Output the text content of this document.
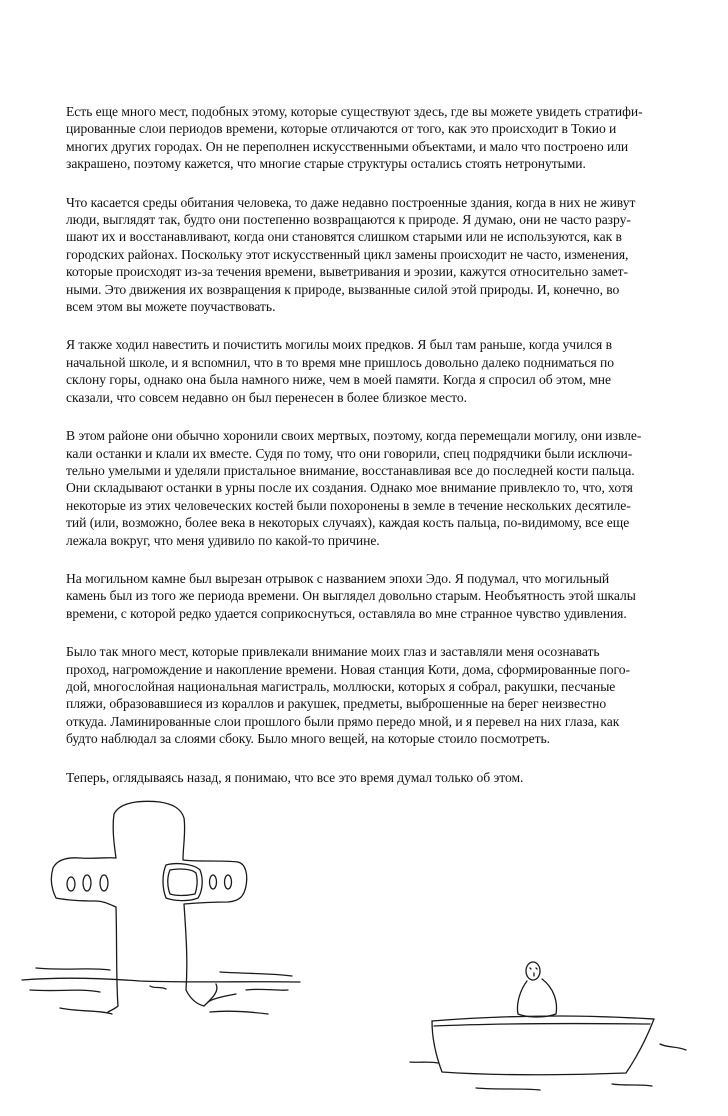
Есть еще много мест, подобных этому, которые существуют здесь, где вы можете увидеть стратифи-
цированные слои периодов времени, которые отличаются от того, как это происходит в Токио и
многих других городах. Он не переполнен искусственными объектами, и мало что построено или
закрашено, поэтому кажется, что многие старые структуры остались стоять нетронутыми.

Что касается среды обитания человека, то даже недавно построенные здания, когда в них не живут
люди, выглядят так, будто они постепенно возвращаются к природе. Я думаю, они не часто разру-
шают их и восстанавливают, когда они становятся слишком старыми или не используются, как в
городских районах. Поскольку этот искусственный цикл замены происходит не часто, изменения,
которые происходят из-за течения времени, выветривания и эрозии, кажутся относительно замет-
ными. Это движения их возвращения к природе, вызванные силой этой природы. И, конечно, во
всем этом вы можете поучаствовать.

Я также ходил навестить и почистить могилы моих предков. Я был там раньше, когда учился в
начальной школе, и я вспомнил, что в то время мне пришлось довольно далеко подниматься по
склону горы, однако она была намного ниже, чем в моей памяти. Когда я спросил об этом, мне
сказали, что совсем недавно он был перенесен в более близкое место.

В этом районе они обычно хоронили своих мертвых, поэтому, когда перемещали могилу, они извле-
кали останки и клали их вместе. Судя по тому, что они говорили, спец подрядчики были исключи-
тельно умелыми и уделяли пристальное внимание, восстанавливая все до последней кости пальца.
Они складывают останки в урны после их создания. Однако мое внимание привлекло то, что, хотя
некоторые из этих человеческих костей были похоронены в земле в течение нескольких десятиле-
тий (или, возможно, более века в некоторых случаях), каждая кость пальца, по-видимому, все еще
лежала вокруг, что меня удивило по какой-то причине.

На могильном камне был вырезан отрывок с названием эпохи Эдо. Я подумал, что могильный
камень был из того же периода времени. Он выглядел довольно старым. Необъятность этой шкалы
времени, с которой редко удается соприкоснуться, оставляла во мне странное чувство удивления.

Было так много мест, которые привлекали внимание моих глаз и заставляли меня осознавать
проход, нагромождение и накопление времени. Новая станция Коти, дома, сформированные пого-
дой, многослойная национальная магистраль, моллюски, которых я собрал, ракушки, песчаные
пляжи, образовавшиеся из кораллов и ракушек, предметы, выброшенные на берег неизвестно
откуда. Ламинированные слои прошлого были прямо передо мной, и я перевел на них глаза, как
будто наблюдал за слоями сбоку. Было много вещей, на которые стоило посмотреть.

Теперь, оглядываясь назад, я понимаю, что все это время думал только об этом.
